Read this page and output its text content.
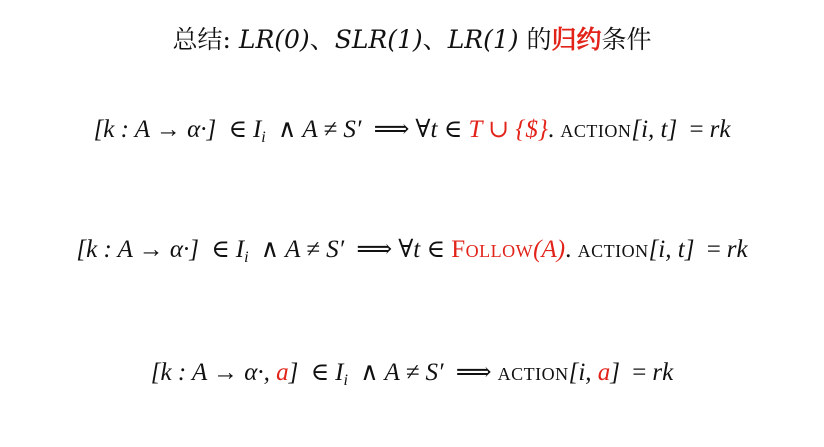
总结: LR(0)、SLR(1)、LR(1) 的归约条件
[k : A → α·] ∈ $I_i$ ∧ A ≠ S′ ⟹ ∀t ∈ T ∪ {$}. action[i, t] = rk
[k : A → α·] ∈ $I_i$ ∧ A ≠ S′ ⟹ ∀t ∈ Follow(A). action[i, t] = rk
[k : A → α·, a] ∈ $I_i$ ∧ A ≠ S′ ⟹ action[i, a] = rk
